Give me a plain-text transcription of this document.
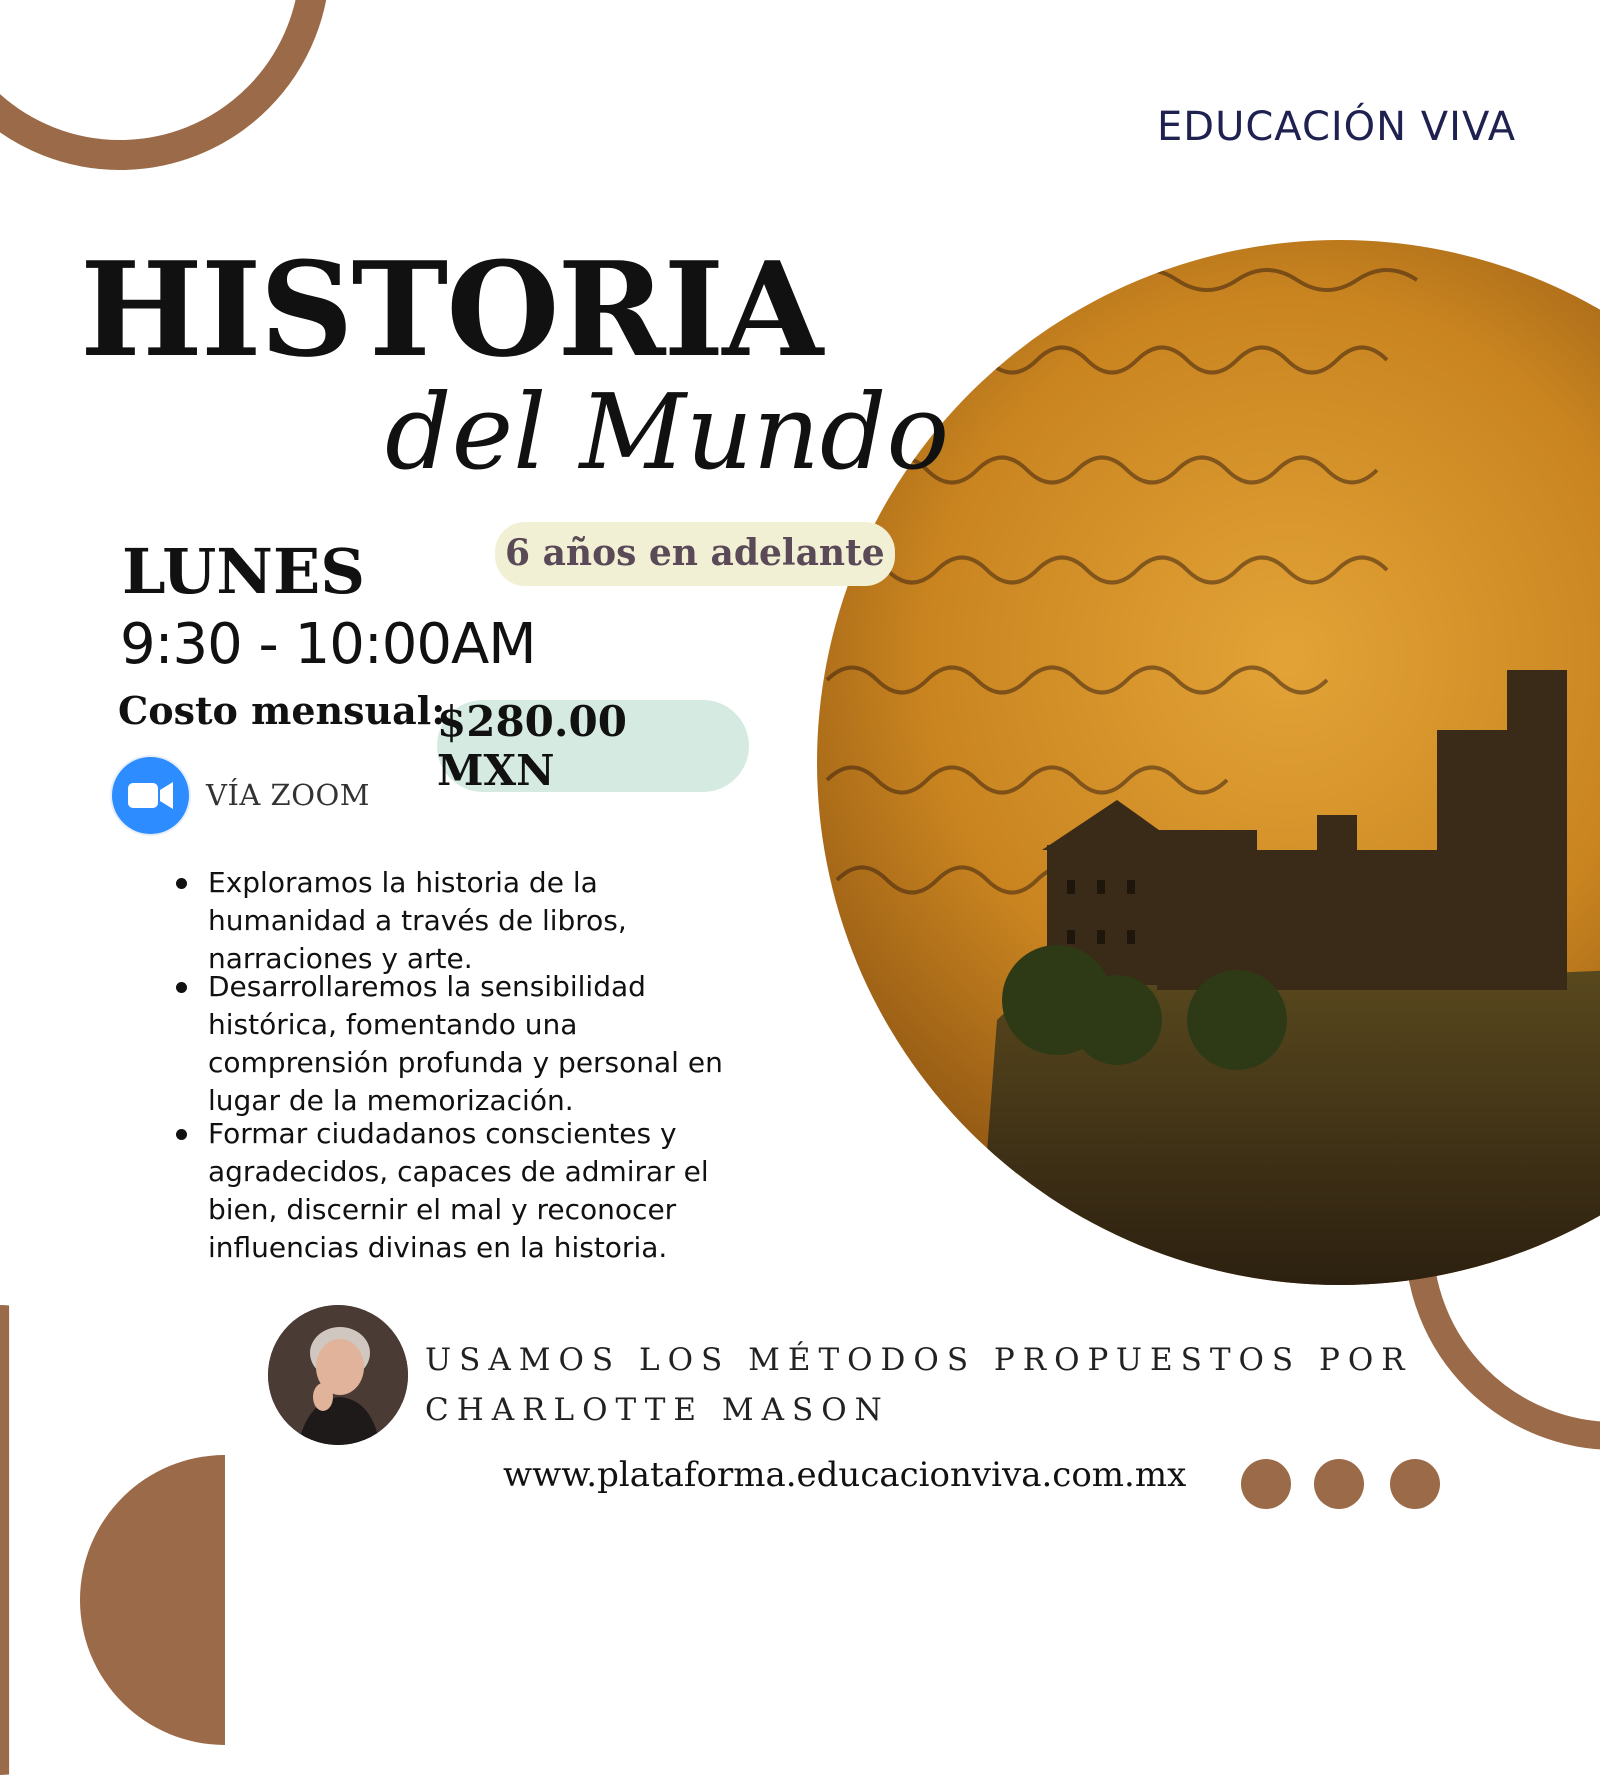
EDUCACIÓN VIVA
HISTORIA
del Mundo
6 años en adelante
LUNES
9:30 - 10:00AM
Costo mensual:
$280.00 MXN
VÍA ZOOM
Exploramos la historia de la humanidad a través de libros, narraciones y arte.
Desarrollaremos la sensibilidad histórica, fomentando una comprensión profunda y personal en lugar de la memorización.
Formar ciudadanos conscientes y agradecidos, capaces de admirar el bien, discernir el mal y reconocer influencias divinas en la historia.
USAMOS LOS MÉTODOS PROPUESTOS POR
CHARLOTTE MASON
www.plataforma.educacionviva.com.mx
